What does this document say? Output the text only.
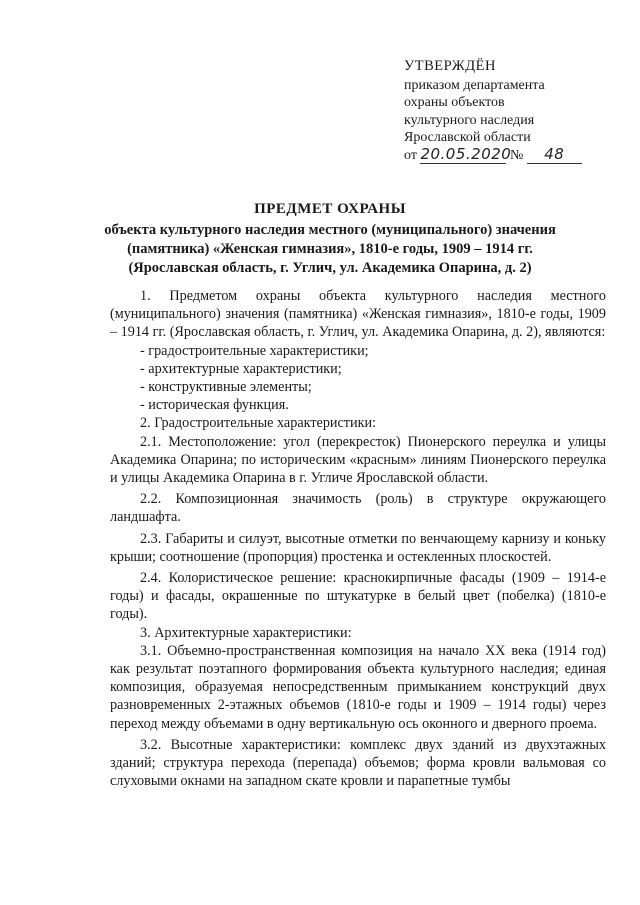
УТВЕРЖДЁН
приказом департамента
охраны объектов
культурного наследия
Ярославской области
от 20.05.2020 № 48
ПРЕДМЕТ ОХРАНЫ
объекта культурного наследия местного (муниципального) значения
(памятника) «Женская гимназия», 1810-е годы, 1909 – 1914 гг.
(Ярославская область, г. Углич, ул. Академика Опарина, д. 2)

1. Предметом охраны объекта культурного наследия местного (муниципального) значения (памятника) «Женская гимназия», 1810-е годы, 1909 – 1914 гг. (Ярославская область, г. Углич, ул. Академика Опарина, д. 2), являются:

- градостроительные характеристики;

- архитектурные характеристики;

- конструктивные элементы;

- историческая функция.

2. Градостроительные характеристики:

2.1. Местоположение: угол (перекресток) Пионерского переулка и улицы Академика Опарина; по историческим «красным» линиям Пионерского переулка и улицы Академика Опарина в г. Угличе Ярославской области.

2.2. Композиционная значимость (роль) в структуре окружающего ландшафта.

2.3. Габариты и силуэт, высотные отметки по венчающему карнизу и коньку крыши; соотношение (пропорция) простенка и остекленных плоскостей.

2.4. Колористическое решение: краснокирпичные фасады (1909 – 1914-е годы) и фасады, окрашенные по штукатурке в белый цвет (побелка) (1810-е годы).

3. Архитектурные характеристики:

3.1. Объемно-пространственная композиция на начало XX века (1914 год) как результат поэтапного формирования объекта культурного наследия; единая композиция, образуемая непосредственным примыканием конструкций двух разновременных 2-этажных объемов (1810-е годы и 1909 – 1914 годы) через переход между объемами в одну вертикальную ось оконного и дверного проема.

3.2. Высотные характеристики: комплекс двух зданий из двухэтажных зданий; структура перехода (перепада) объемов; форма кровли вальмовая со слуховыми окнами на западном скате кровли и парапетные тумбы
